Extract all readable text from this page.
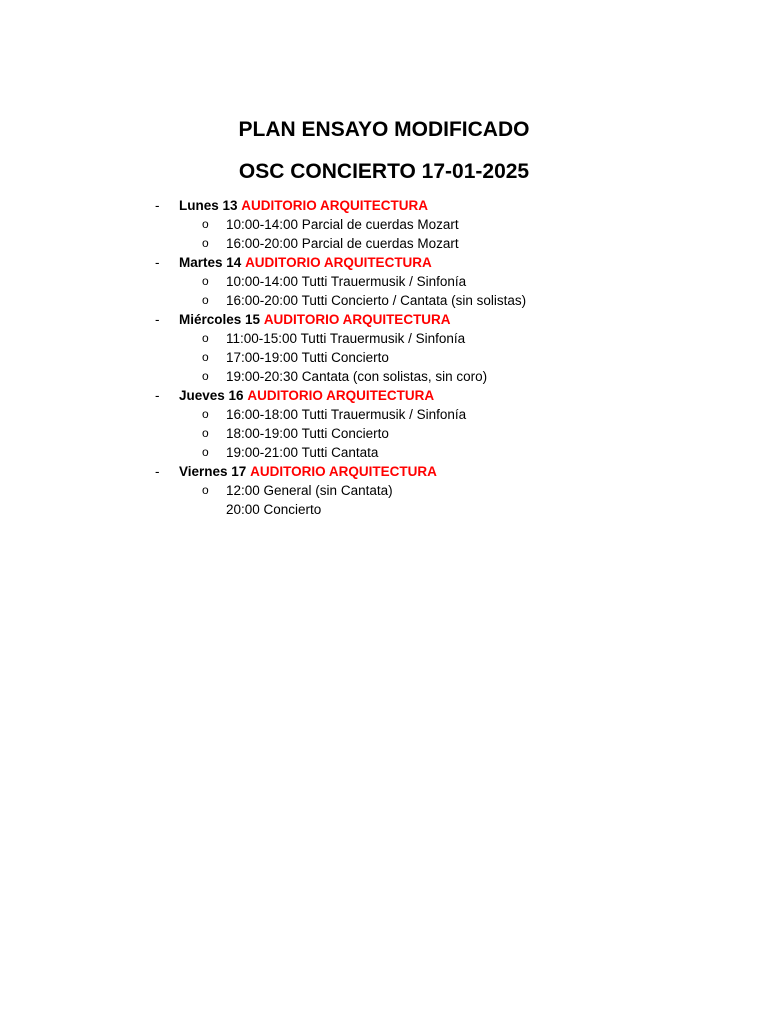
PLAN ENSAYO MODIFICADO
OSC CONCIERTO 17-01-2025
-	Lunes 13 AUDITORIO ARQUITECTURA
o 10:00-14:00 Parcial de cuerdas Mozart
o 16:00-20:00 Parcial de cuerdas Mozart
-	Martes 14 AUDITORIO ARQUITECTURA
o 10:00-14:00 Tutti Trauermusik / Sinfonía
o 16:00-20:00 Tutti Concierto / Cantata (sin solistas)
-	Miércoles 15 AUDITORIO ARQUITECTURA
o 11:00-15:00 Tutti Trauermusik / Sinfonía
o 17:00-19:00 Tutti Concierto
o 19:00-20:30 Cantata (con solistas, sin coro)
-	Jueves 16 AUDITORIO ARQUITECTURA
o 16:00-18:00 Tutti Trauermusik / Sinfonía
o 18:00-19:00 Tutti Concierto
o 19:00-21:00 Tutti Cantata
-	Viernes 17 AUDITORIO ARQUITECTURA
o 12:00 General (sin Cantata)
20:00 Concierto
